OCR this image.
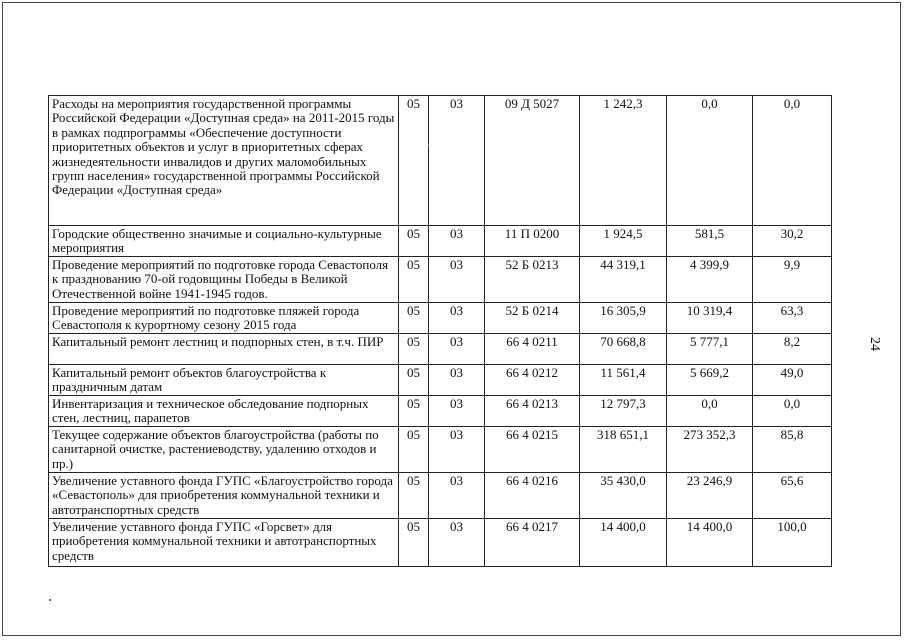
Расходы на мероприятия государственной программы Российской Федерации «Доступная среда» на 2011-2015 годы в рамках подпрограммы «Обеспечение доступности приоритетных объектов и услуг в приоритетных сферах жизнедеятельности инвалидов и других маломобильных групп населения» государственной программы Российской Федерации «Доступная среда»	05	03	09 Д 5027	1 242,3	0,0	0,0
Городские общественно значимые и социально-культурные мероприятия	05	03	11 П 0200	1 924,5	581,5	30,2
Проведение мероприятий по подготовке города Севастополя к празднованию 70-ой годовщины Победы в Великой Отечественной войне 1941-1945 годов.	05	03	52 Б 0213	44 319,1	4 399,9	9,9
Проведение мероприятий по подготовке пляжей города Севастополя к курортному сезону 2015 года	05	03	52 Б 0214	16 305,9	10 319,4	63,3
Капитальный ремонт лестниц и подпорных стен, в т.ч. ПИР	05	03	66 4 0211	70 668,8	5 777,1	8,2
Капитальный ремонт объектов благоустройства к праздничным датам	05	03	66 4 0212	11 561,4	5 669,2	49,0
Инвентаризация и техническое обследование подпорных стен, лестниц, парапетов	05	03	66 4 0213	12 797,3	0,0	0,0
Текущее содержание объектов благоустройства (работы по санитарной очистке, растениеводству, удалению отходов и пр.)	05	03	66 4 0215	318 651,1	273 352,3	85,8
Увеличение уставного фонда ГУПС «Благоустройство города «Севастополь» для приобретения коммунальной техники и автотранспортных средств	05	03	66 4 0216	35 430,0	23 246,9	65,6
Увеличение уставного фонда ГУПС «Горсвет» для приобретения коммунальной техники и автотранспортных средств	05	03	66 4 0217	14 400,0	14 400,0	100,0
24
